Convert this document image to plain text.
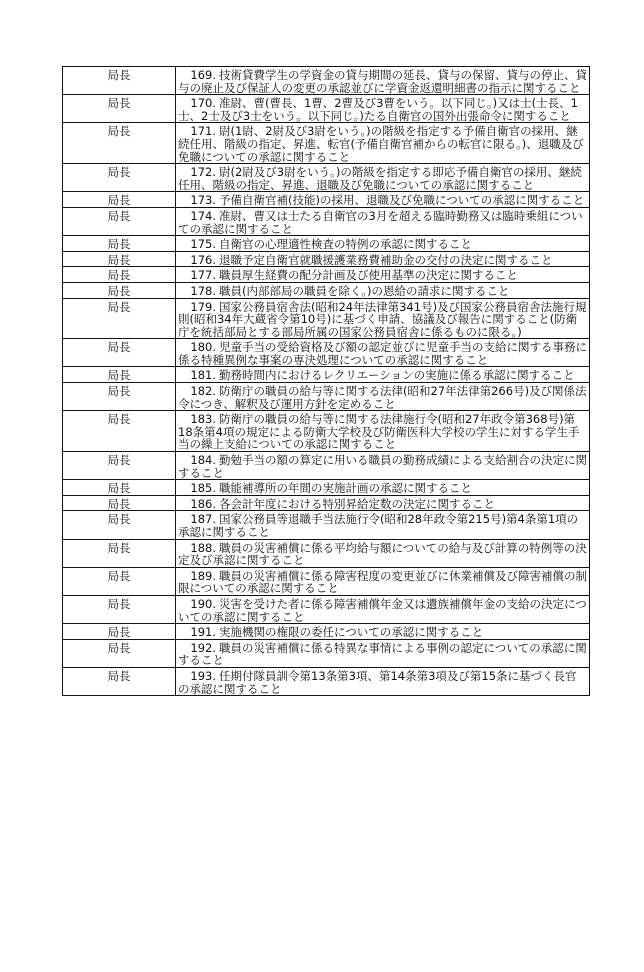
局長	169. 技術貸費学生の学資金の貸与期間の延長、貸与の保留、貸与の停止、貸与の廃止及び保証人の変更の承認並びに学資金返還明細書の指示に関すること
局長	170. 准尉、曹(曹長、1曹、2曹及び3曹をいう。以下同じ。)又は士(士長、1士、2士及び3士をいう。以下同じ。)たる自衛官の国外出張命令に関すること
局長	171. 尉(1尉、2尉及び3尉をいう。)の階級を指定する予備自衛官の採用、継続任用、階級の指定、昇進、転官(予備自衛官補からの転官に限る。)、退職及び免職についての承認に関すること
局長	172. 尉(2尉及び3尉をいう。)の階級を指定する即応予備自衛官の採用、継続任用、階級の指定、昇進、退職及び免職についての承認に関すること
局長	173. 予備自衛官補(技能)の採用、退職及び免職についての承認に関すること
局長	174. 准尉、曹又は士たる自衛官の3月を超える臨時勤務又は臨時乗組についての承認に関すること
局長	175. 自衛官の心理適性検査の特例の承認に関すること
局長	176. 退職予定自衛官就職援護業務費補助金の交付の決定に関すること
局長	177. 職員厚生経費の配分計画及び使用基準の決定に関すること
局長	178. 職員(内部部局の職員を除く。)の恩給の請求に関すること
局長	179. 国家公務員宿舎法(昭和24年法律第341号)及び国家公務員宿舎法施行規則(昭和34年大蔵省令第10号)に基づく申請、協議及び報告に関すること(防衛庁を統括部局とする部局所属の国家公務員宿舎に係るものに限る。)
局長	180. 児童手当の受給資格及び額の認定並びに児童手当の支給に関する事務に係る特種異例な事案の専決処理についての承認に関すること
局長	181. 勤務時間内におけるレクリエーションの実施に係る承認に関すること
局長	182. 防衛庁の職員の給与等に関する法律(昭和27年法律第266号)及び関係法令につき、解釈及び運用方針を定めること
局長	183. 防衛庁の職員の給与等に関する法律施行令(昭和27年政令第368号)第18条第4項の規定による防衛大学校及び防衛医科大学校の学生に対する学生手当の繰上支給についての承認に関すること
局長	184. 勤勉手当の額の算定に用いる職員の勤務成績による支給割合の決定に関すること
局長	185. 職能補導所の年間の実施計画の承認に関すること
局長	186. 各会計年度における特別昇給定数の決定に関すること
局長	187. 国家公務員等退職手当法施行令(昭和28年政令第215号)第4条第1項の承認に関すること
局長	188. 職員の災害補償に係る平均給与額についての給与及び計算の特例等の決定及び承認に関すること
局長	189. 職員の災害補償に係る障害程度の変更並びに休業補償及び障害補償の制限についての承認に関すること
局長	190. 災害を受けた者に係る障害補償年金又は遺族補償年金の支給の決定についての承認に関すること
局長	191. 実施機関の権限の委任についての承認に関すること
局長	192. 職員の災害補償に係る特異な事情による事例の認定についての承認に関すること
局長	193. 任期付隊員訓令第13条第3項、第14条第3項及び第15条に基づく長官の承認に関すること
